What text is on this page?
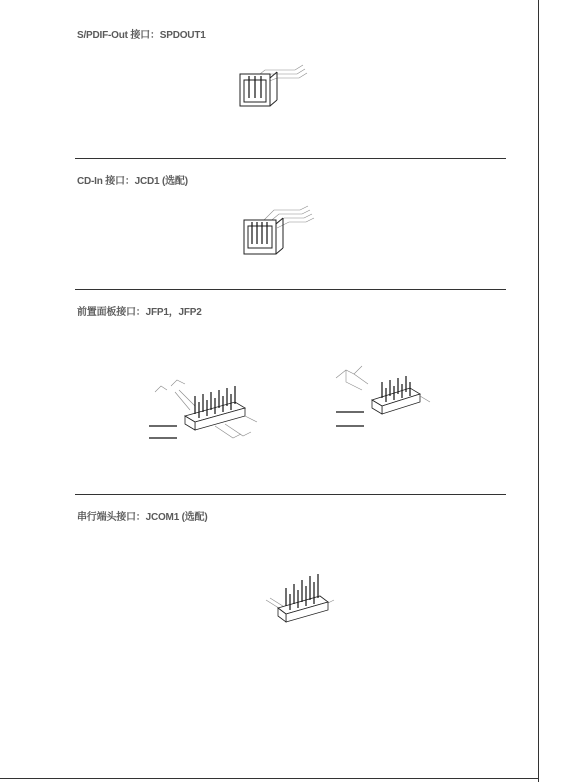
S/PDIF-Out 接口：SPDOUT1
CD-In 接口：JCD1 (选配)
前置面板接口：JFP1，JFP2
串行端头接口：JCOM1 (选配)
